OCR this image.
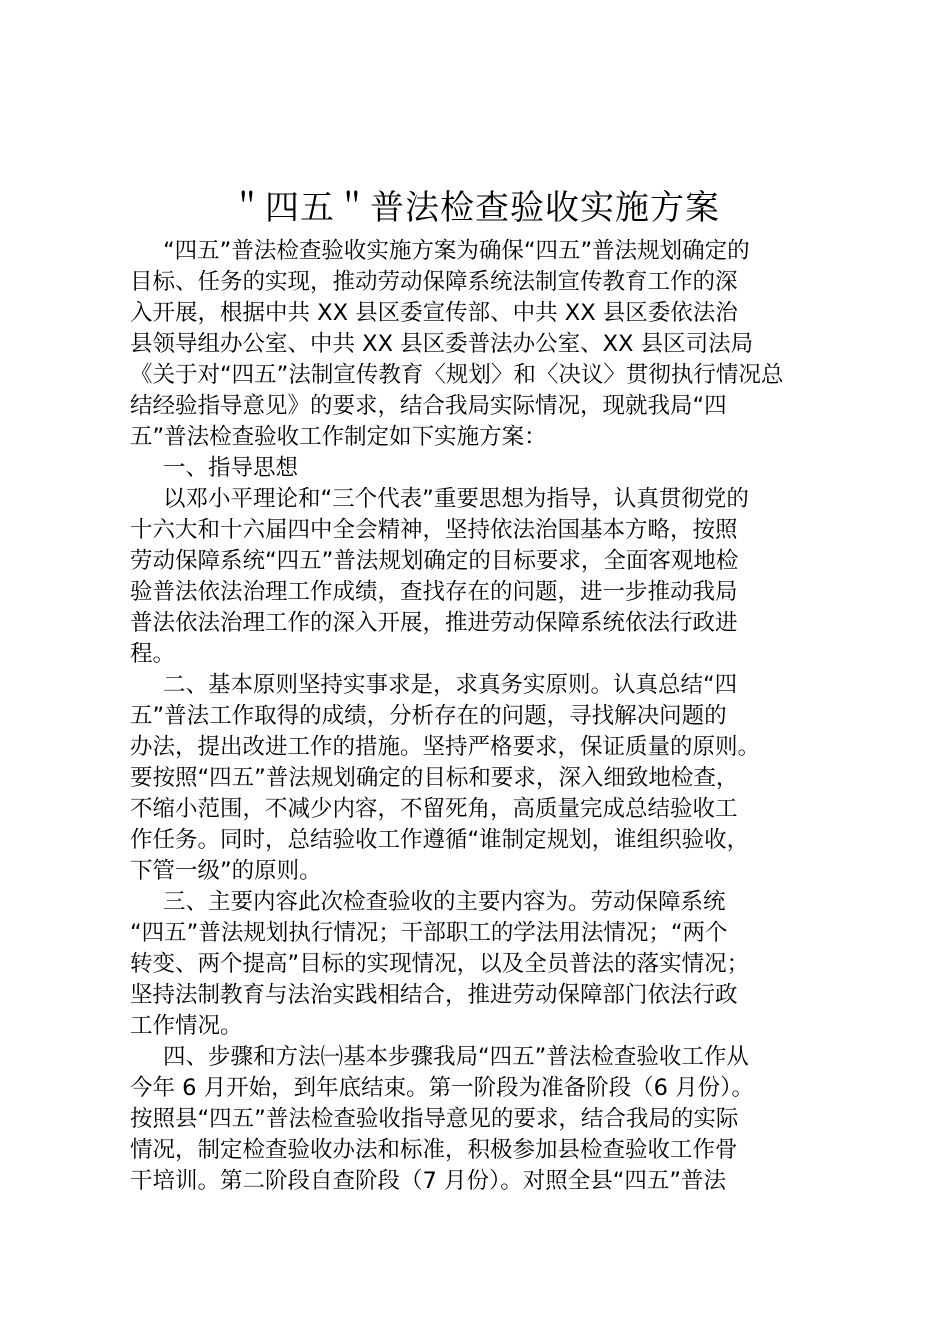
＂四五＂普法检查验收实施方案
“四五”普法检查验收实施方案为确保“四五”普法规划确定的
目标、任务的实现，推动劳动保障系统法制宣传教育工作的深
入开展，根据中共 XX 县区委宣传部、中共 XX 县区委依法治
县领导组办公室、中共 XX 县区委普法办公室、XX 县区司法局
《关于对“四五”法制宣传教育〈规划〉和〈决议〉贯彻执行情况总
结经验指导意见》的要求，结合我局实际情况，现就我局“四
五”普法检查验收工作制定如下实施方案：
一、指导思想
以邓小平理论和“三个代表”重要思想为指导，认真贯彻党的
十六大和十六届四中全会精神，坚持依法治国基本方略，按照
劳动保障系统“四五”普法规划确定的目标要求，全面客观地检
验普法依法治理工作成绩，查找存在的问题，进一步推动我局
普法依法治理工作的深入开展，推进劳动保障系统依法行政进
程。
二、基本原则坚持实事求是，求真务实原则。认真总结“四
五”普法工作取得的成绩，分析存在的问题，寻找解决问题的
办法，提出改进工作的措施。坚持严格要求，保证质量的原则。
要按照“四五”普法规划确定的目标和要求，深入细致地检查，
不缩小范围，不减少内容，不留死角，高质量完成总结验收工
作任务。同时，总结验收工作遵循“谁制定规划，谁组织验收，
下管一级”的原则。
三、主要内容此次检查验收的主要内容为。劳动保障系统
“四五”普法规划执行情况；干部职工的学法用法情况；“两个
转变、两个提高”目标的实现情况，以及全员普法的落实情况；
坚持法制教育与法治实践相结合，推进劳动保障部门依法行政
工作情况。
四、步骤和方法㈠基本步骤我局“四五”普法检查验收工作从
今年 6 月开始，到年底结束。第一阶段为准备阶段（6 月份）。
按照县“四五”普法检查验收指导意见的要求，结合我局的实际
情况，制定检查验收办法和标准，积极参加县检查验收工作骨
干培训。第二阶段自查阶段（7 月份）。对照全县“四五”普法
